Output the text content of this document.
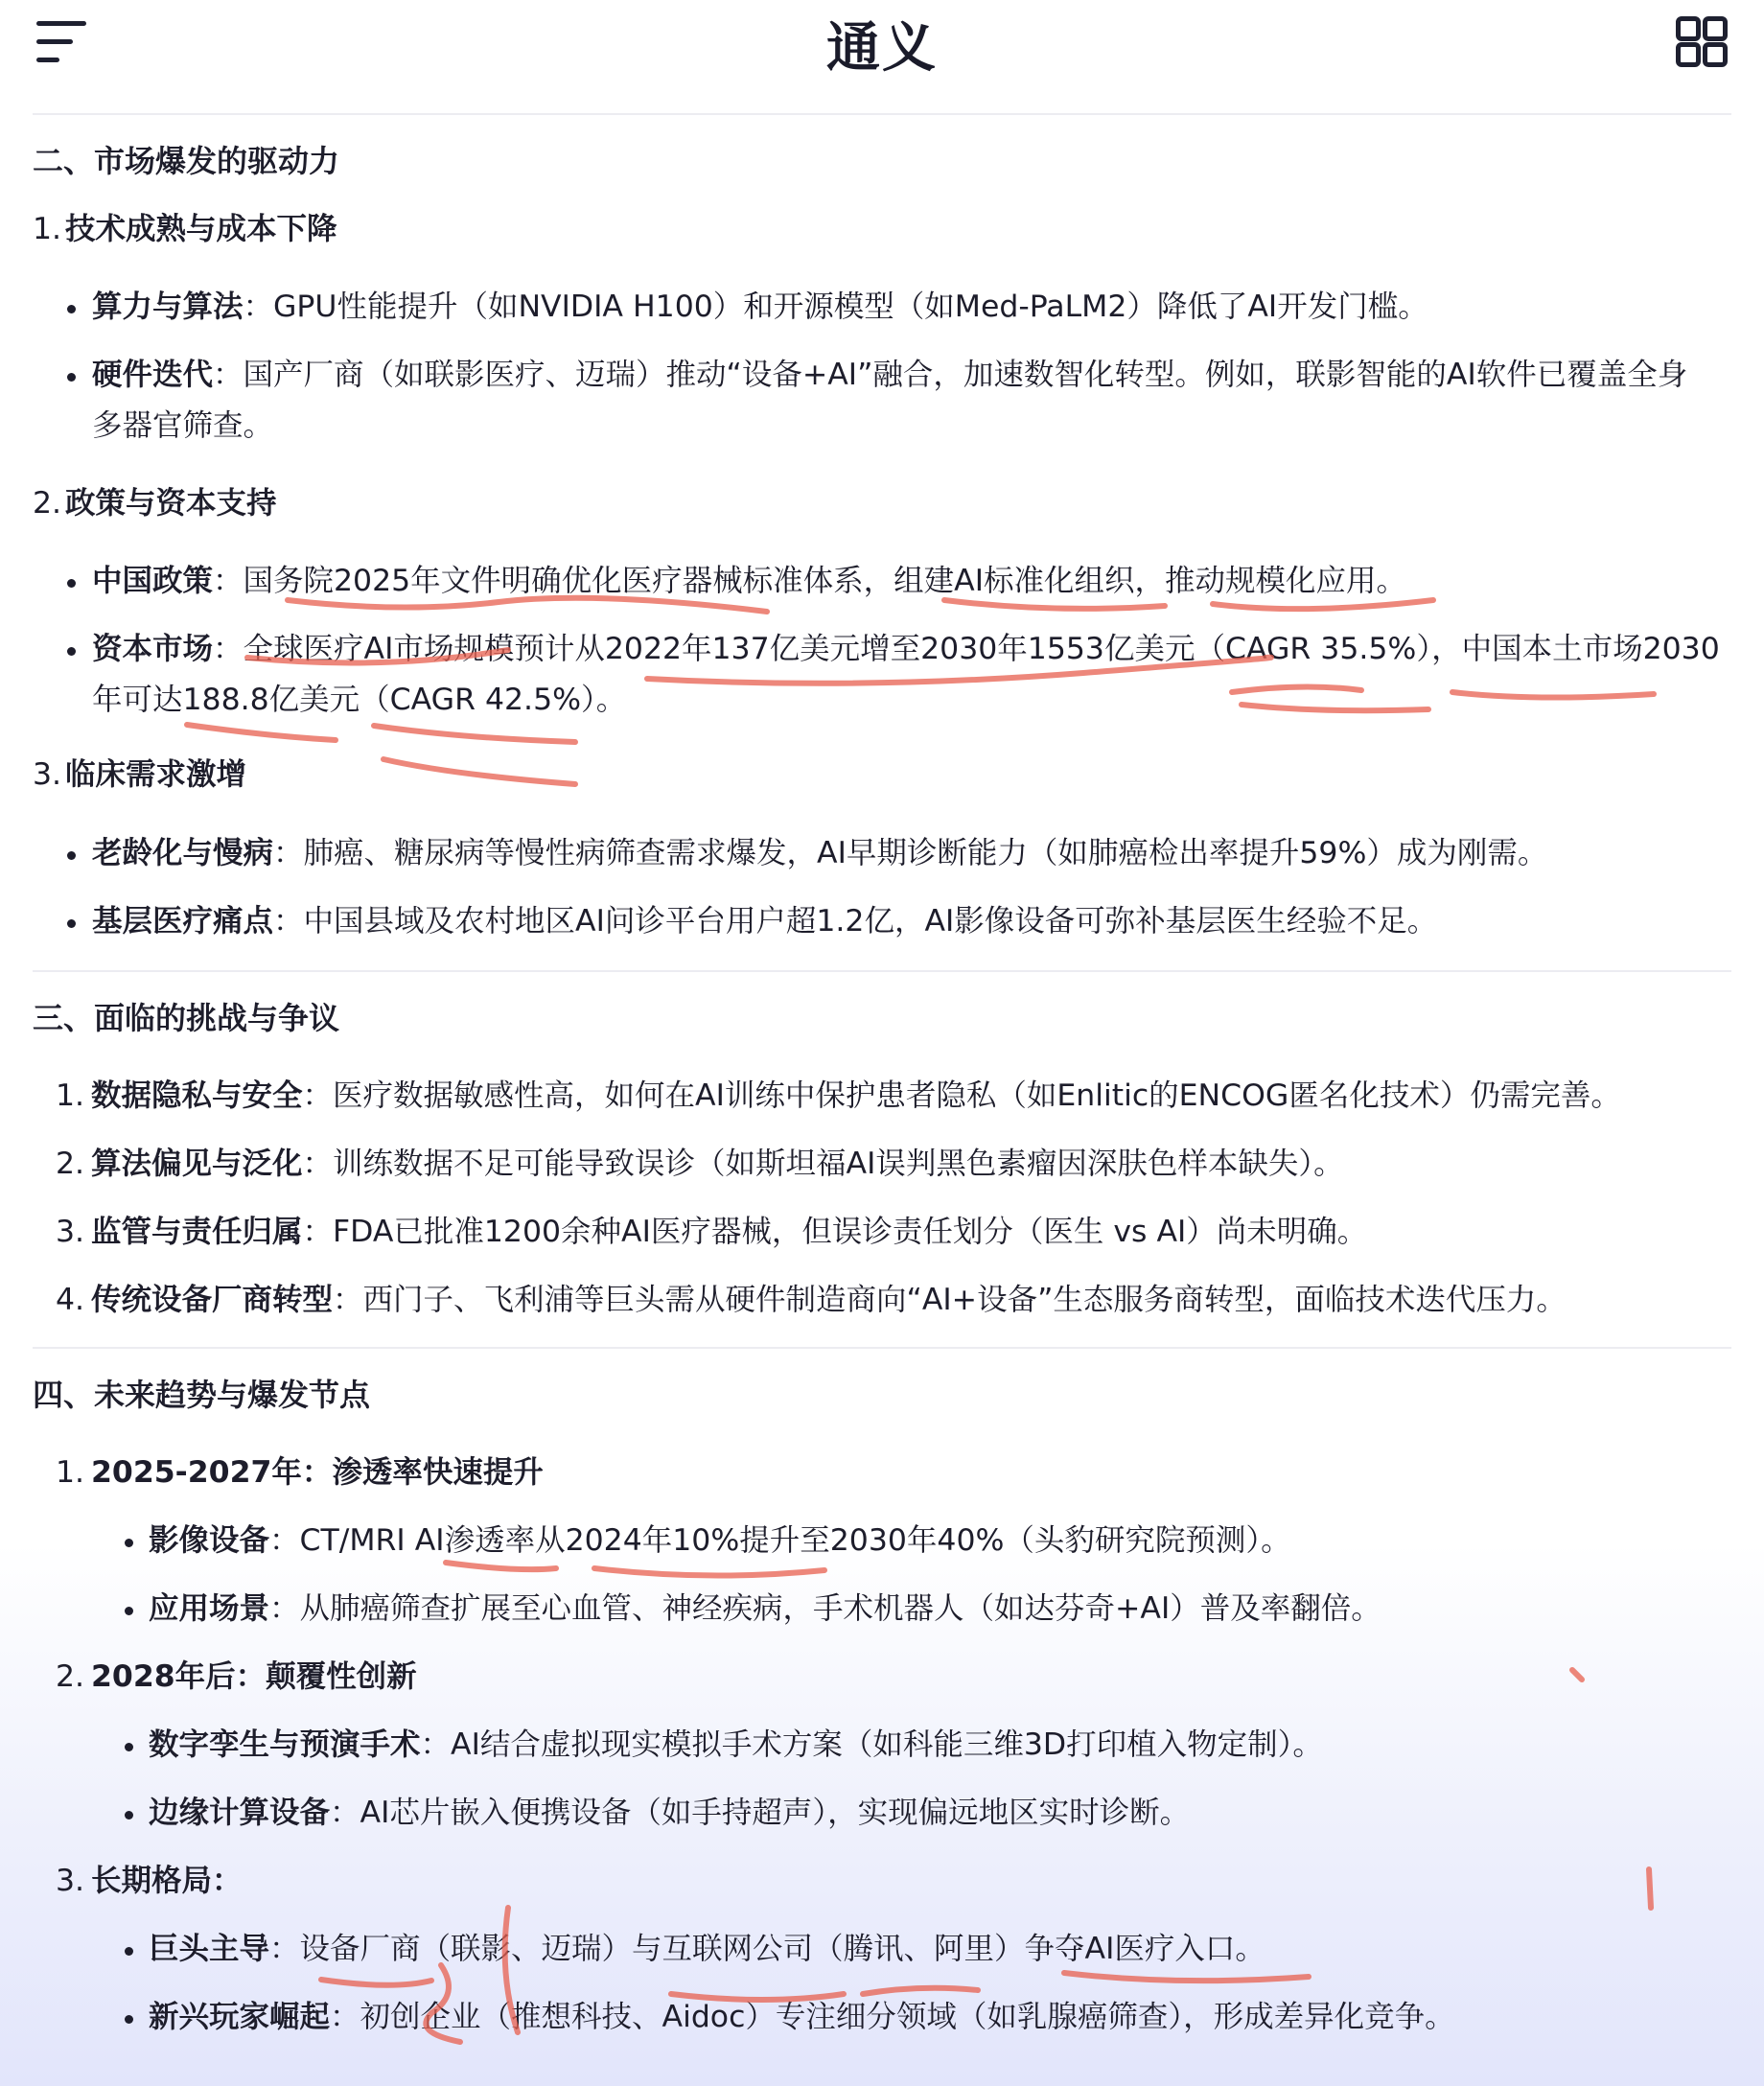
通义
二、市场爆发的驱动力
1. 技术成熟与成本下降
算力与算法：GPU性能提升（如NVIDIA H100）和开源模型（如Med-PaLM2）降低了AI开发门槛。
硬件迭代：国产厂商（如联影医疗、迈瑞）推动“设备+AI”融合，加速数智化转型。例如，联影智能的AI软件已覆盖全身
多器官筛查。
2. 政策与资本支持
中国政策：国务院2025年文件明确优化医疗器械标准体系，组建AI标准化组织，推动规模化应用。
资本市场：全球医疗AI市场规模预计从2022年137亿美元增至2030年1553亿美元（CAGR 35.5%），中国本土市场2030
年可达188.8亿美元（CAGR 42.5%）。
3. 临床需求激增
老龄化与慢病：肺癌、糖尿病等慢性病筛查需求爆发，AI早期诊断能力（如肺癌检出率提升59%）成为刚需。
基层医疗痛点：中国县域及农村地区AI问诊平台用户超1.2亿，AI影像设备可弥补基层医生经验不足。
三、面临的挑战与争议
1. 数据隐私与安全：医疗数据敏感性高，如何在AI训练中保护患者隐私（如Enlitic的ENCOG匿名化技术）仍需完善。
2. 算法偏见与泛化：训练数据不足可能导致误诊（如斯坦福AI误判黑色素瘤因深肤色样本缺失）。
3. 监管与责任归属：FDA已批准1200余种AI医疗器械，但误诊责任划分（医生 vs AI）尚未明确。
4. 传统设备厂商转型：西门子、飞利浦等巨头需从硬件制造商向“AI+设备”生态服务商转型，面临技术迭代压力。
四、未来趋势与爆发节点
1. 2025-2027年：渗透率快速提升
影像设备：CT/MRI AI渗透率从2024年10%提升至2030年40%（头豹研究院预测）。
应用场景：从肺癌筛查扩展至心血管、神经疾病，手术机器人（如达芬奇+AI）普及率翻倍。
2. 2028年后：颠覆性创新
数字孪生与预演手术：AI结合虚拟现实模拟手术方案（如科能三维3D打印植入物定制）。
边缘计算设备：AI芯片嵌入便携设备（如手持超声），实现偏远地区实时诊断。
3. 长期格局：
巨头主导：设备厂商（联影、迈瑞）与互联网公司（腾讯、阿里）争夺AI医疗入口。
新兴玩家崛起：初创企业（推想科技、Aidoc）专注细分领域（如乳腺癌筛查），形成差异化竞争。
